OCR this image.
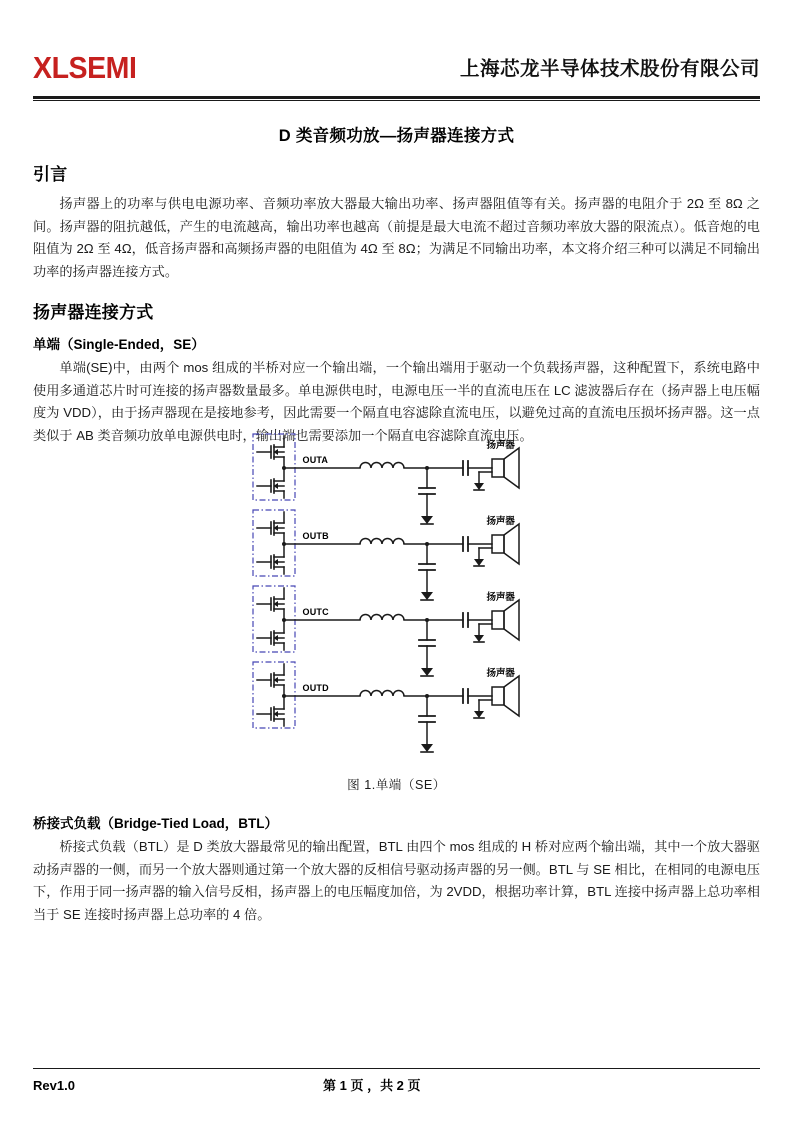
XLSEMI	上海芯龙半导体技术股份有限公司
D 类音频功放—扬声器连接方式
引言

扬声器上的功率与供电电源功率、音频功率放大器最大输出功率、扬声器阻值等有关。扬声器的电阻介于 2Ω 至 8Ω 之间。扬声器的阻抗越低，产生的电流越高，输出功率也越高（前提是最大电流不超过音频功率放大器的限流点）。低音炮的电阻值为 2Ω 至 4Ω，低音扬声器和高频扬声器的电阻值为 4Ω 至 8Ω；为满足不同输出功率，本文将介绍三种可以满足不同输出功率的扬声器连接方式。

扬声器连接方式
单端（Single-Ended，SE）

单端(SE)中，由两个 mos 组成的半桥对应一个输出端，一个输出端用于驱动一个负载扬声器，这种配置下，系统电路中使用多通道芯片时可连接的扬声器数量最多。单电源供电时，电源电压一半的直流电压在 LC 滤波器后存在（扬声器上电压幅度为 VDD），由于扬声器现在是接地参考，因此需要一个隔直电容滤除直流电压，以避免过高的直流电压损坏扬声器。这一点类似于 AB 类音频功放单电源供电时，输出端也需要添加一个隔直电容滤除直流电压。

OUTA
扬声器
OUTB
扬声器
OUTC
扬声器
OUTD
扬声器
图 1.单端（SE）
桥接式负载（Bridge-Tied Load，BTL）

桥接式负载（BTL）是 D 类放大器最常见的输出配置，BTL 由四个 mos 组成的 H 桥对应两个输出端，其中一个放大器驱动扬声器的一侧，而另一个放大器则通过第一个放大器的反相信号驱动扬声器的另一侧。BTL 与 SE 相比，在相同的电源电压下，作用于同一扬声器的输入信号反相，扬声器上的电压幅度加倍，为 2VDD，根据功率计算，BTL 连接中扬声器上总功率相当于 SE 连接时扬声器上总功率的 4 倍。

Rev1.0	第 1 页 ，共 2 页
